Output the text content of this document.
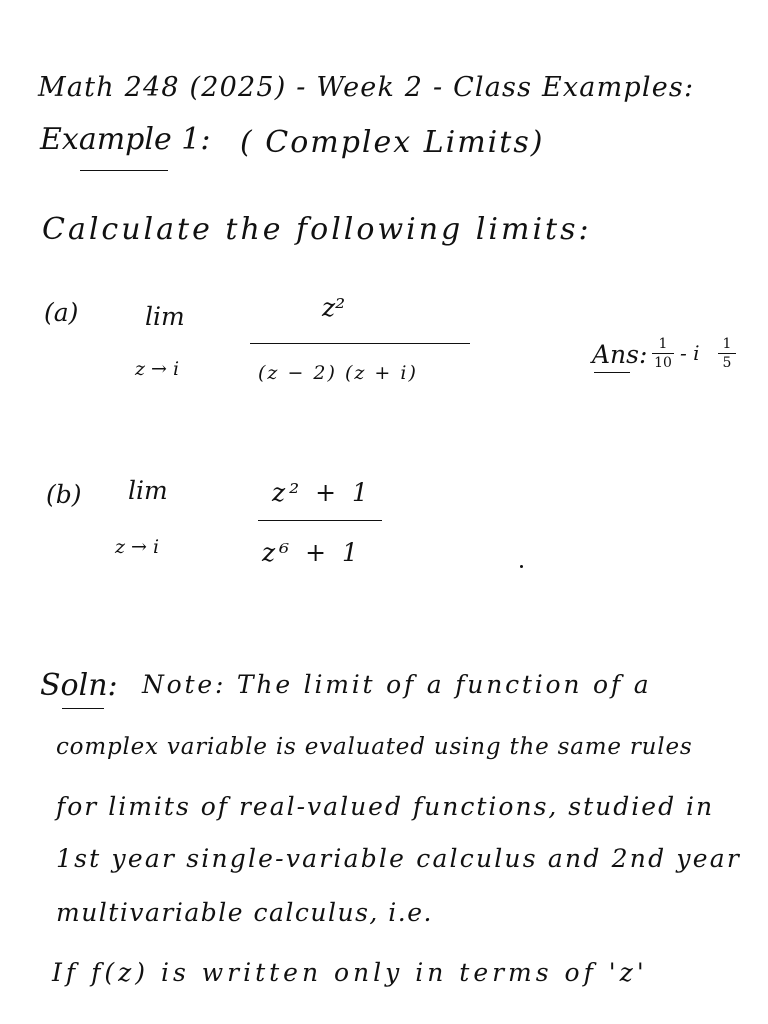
Math 248 (2025) - Week 2 - Class Examples:
Example 1: ( Complex Limits)
Calculate the following limits:
(a)	lim
z → i
z²
(z − 2) (z + i)
Ans: 1
10 - i	1
5
(b) lim
z → i
z² + 1
z⁶ + 1
Soln: Note: The limit of a function of a
complex variable is evaluated using the same rules
for limits of real-valued functions, studied in
1st year single-variable calculus and 2nd year
multivariable calculus, i.e.
If f(z) is written only in terms of 'z'
